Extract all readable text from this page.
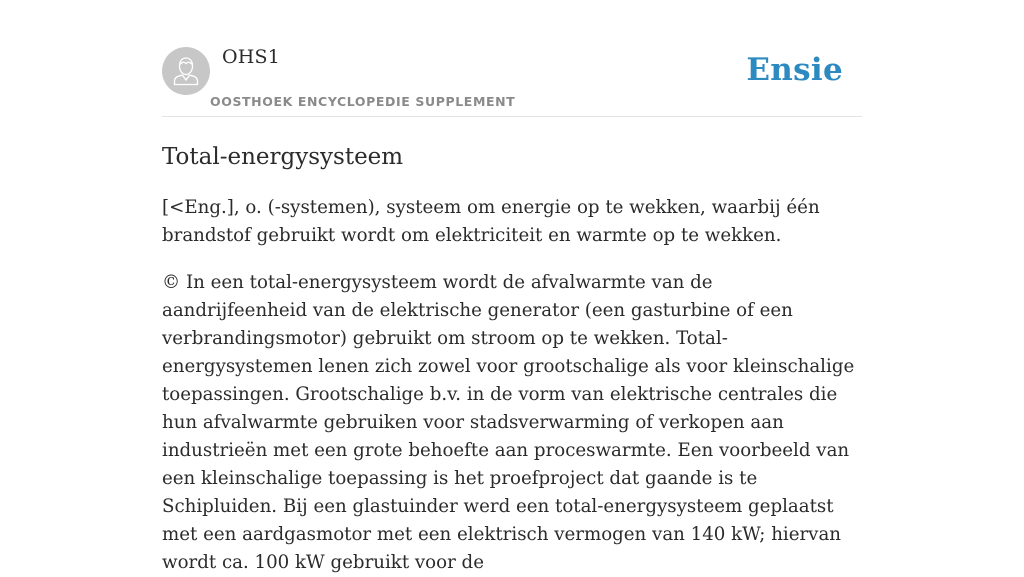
OHS1
OOSTHOEK ENCYCLOPEDIE SUPPLEMENT
Ensie
Total-energysysteem

[<Eng.], o. (-systemen), systeem om energie op te wekken, waarbij één brandstof gebruikt wordt om elektriciteit en warmte op te wekken.

© In een total-energysysteem wordt de afvalwarmte van de aandrijfeenheid van de elektrische generator (een gasturbine of een verbrandingsmotor) gebruikt om stroom op te wekken. Total-energysystemen lenen zich zowel voor grootschalige als voor kleinschalige toepassingen. Grootschalige b.v. in de vorm van elektrische centrales die hun afvalwarmte gebruiken voor stadsverwarming of verkopen aan industrieën met een grote behoefte aan proceswarmte. Een voorbeeld van een kleinschalige toepassing is het proefproject dat gaande is te Schipluiden. Bij een glastuinder werd een total-energysysteem geplaatst met een aardgasmotor met een elektrisch vermogen van 140 kW; hiervan wordt ca. 100 kW gebruikt voor de
